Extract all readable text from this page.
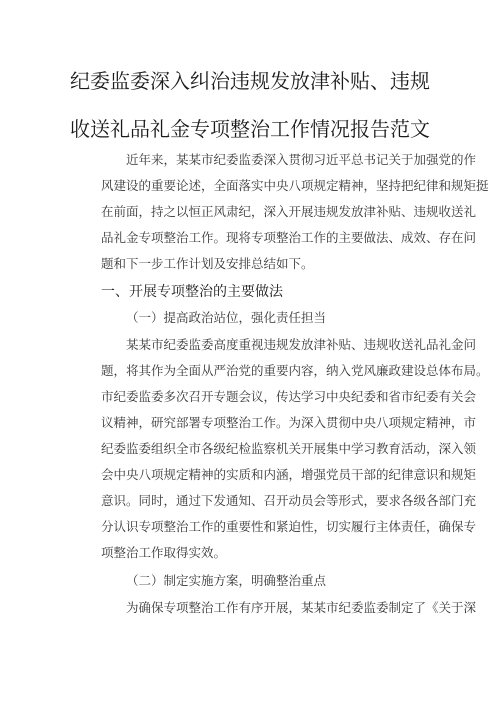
纪委监委深入纠治违规发放津补贴、违规
收送礼品礼金专项整治工作情况报告范文
近年来，某某市纪委监委深入贯彻习近平总书记关于加强党的作
风建设的重要论述，全面落实中央八项规定精神，坚持把纪律和规矩挺
在前面，持之以恒正风肃纪，深入开展违规发放津补贴、违规收送礼
品礼金专项整治工作。现将专项整治工作的主要做法、成效、存在问
题和下一步工作计划及安排总结如下。
一、开展专项整治的主要做法
（一）提高政治站位，强化责任担当
某某市纪委监委高度重视违规发放津补贴、违规收送礼品礼金问
题，将其作为全面从严治党的重要内容，纳入党风廉政建设总体布局。
市纪委监委多次召开专题会议，传达学习中央纪委和省市纪委有关会
议精神，研究部署专项整治工作。为深入贯彻中央八项规定精神，市
纪委监委组织全市各级纪检监察机关开展集中学习教育活动，深入领
会中央八项规定精神的实质和内涵，增强党员干部的纪律意识和规矩
意识。同时，通过下发通知、召开动员会等形式，要求各级各部门充
分认识专项整治工作的重要性和紧迫性，切实履行主体责任，确保专
项整治工作取得实效。
（二）制定实施方案，明确整治重点
为确保专项整治工作有序开展，某某市纪委监委制定了《关于深
